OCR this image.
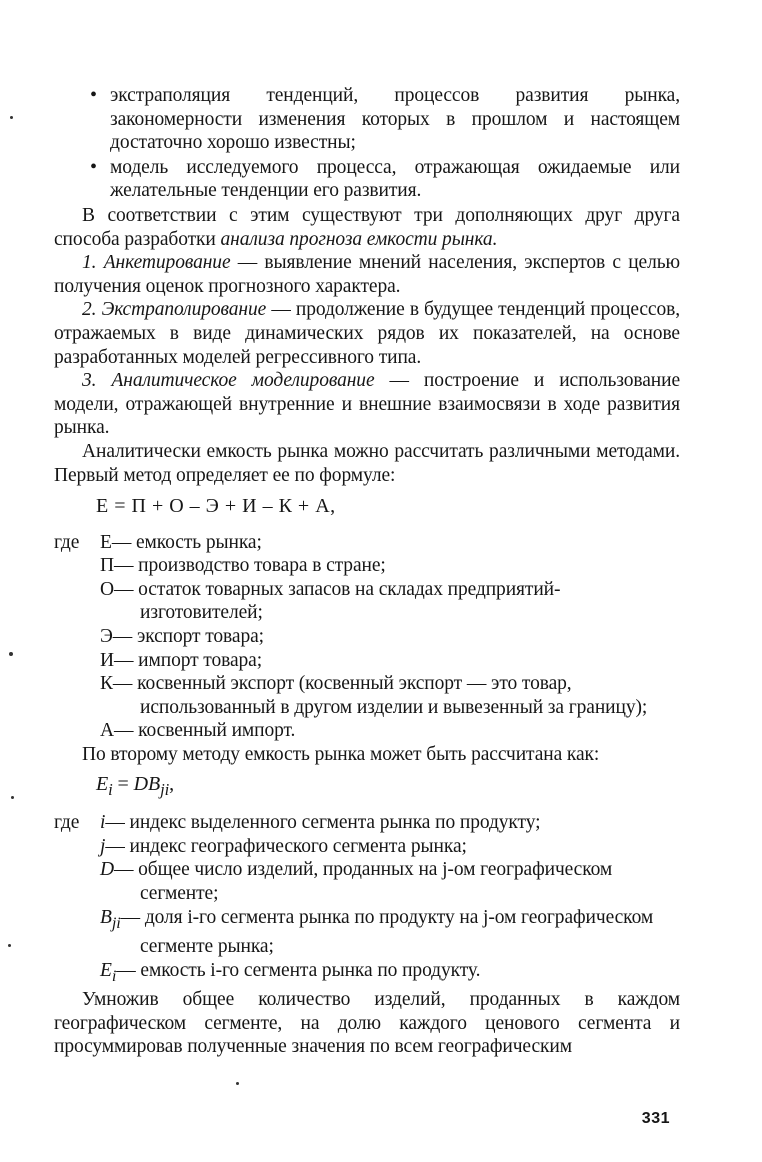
• экстраполяция тенденций, процессов развития рынка, закономерности изменения которых в прошлом и настоящем достаточно хорошо известны;

• модель исследуемого процесса, отражающая ожидаемые или желательные тенденции его развития.

В соответствии с этим существуют три дополняющих друг друга способа разработки анализа прогноза емкости рынка.

1. Анкетирование — выявление мнений населения, экспертов с целью получения оценок прогнозного характера.

2. Экстраполирование — продолжение в будущее тенденций процессов, отражаемых в виде динамических рядов их показателей, на основе разработанных моделей регрессивного типа.

3. Аналитическое моделирование — построение и использование модели, отражающей внутренние и внешние взаимосвязи в ходе развития рынка.

Аналитически емкость рынка можно рассчитать различными методами. Первый метод определяет ее по формуле:

Е = П + О – Э + И – К + А,

где Е— емкость рынка;

П— производство товара в стране;

О— остаток товарных запасов на складах предприятий-изготовителей;

Э— экспорт товара;

И— импорт товара;

К— косвенный экспорт (косвенный экспорт — это товар, использованный в другом изделии и вывезенный за границу);

А— косвенный импорт.

По второму методу емкость рынка может быть рассчитана как:

$E_i = DB_{ji}$,

где i— индекс выделенного сегмента рынка по продукту;

j— индекс географического сегмента рынка;

D— общее число изделий, проданных на j-ом географическом сегменте;

$B_{ji}—$ доля i-го сегмента рынка по продукту на j-ом географическом сегменте рынка;

$E_i—$ емкость i-го сегмента рынка по продукту.

Умножив общее количество изделий, проданных в каждом географическом сегменте, на долю каждого ценового сегмента и просуммировав полученные значения по всем географическим

331
